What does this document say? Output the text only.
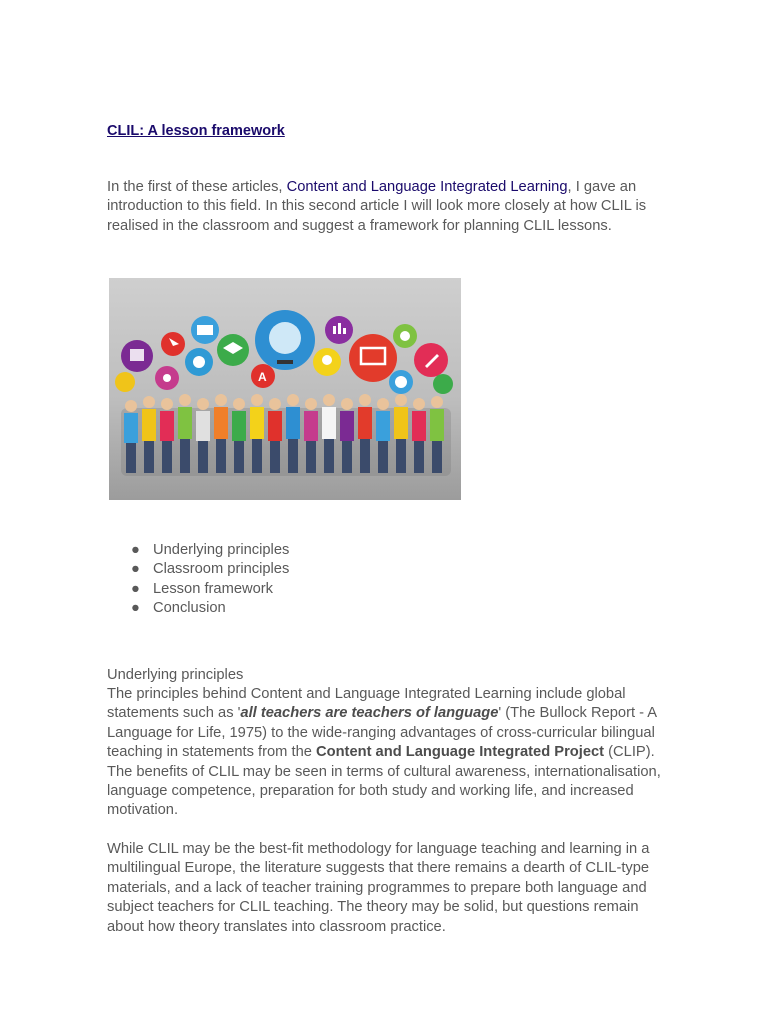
CLIL: A lesson framework

In the first of these articles, Content and Language Integrated Learning, I gave an introduction to this field. In this second article I will look more closely at how CLIL is realised in the classroom and suggest a framework for planning CLIL lessons.

A
● Underlying principles
● Classroom principles
● Lesson framework
● Conclusion

Underlying principles

The principles behind Content and Language Integrated Learning include global statements such as 'all teachers are teachers of language' (The Bullock Report - A Language for Life, 1975) to the wide-ranging advantages of cross-curricular bilingual teaching in statements from the Content and Language Integrated Project (CLIP). The benefits of CLIL may be seen in terms of cultural awareness, internationalisation, language competence, preparation for both study and working life, and increased motivation.

While CLIL may be the best-fit methodology for language teaching and learning in a multilingual Europe, the literature suggests that there remains a dearth of CLIL-type materials, and a lack of teacher training programmes to prepare both language and subject teachers for CLIL teaching. The theory may be solid, but questions remain about how theory translates into classroom practice.
